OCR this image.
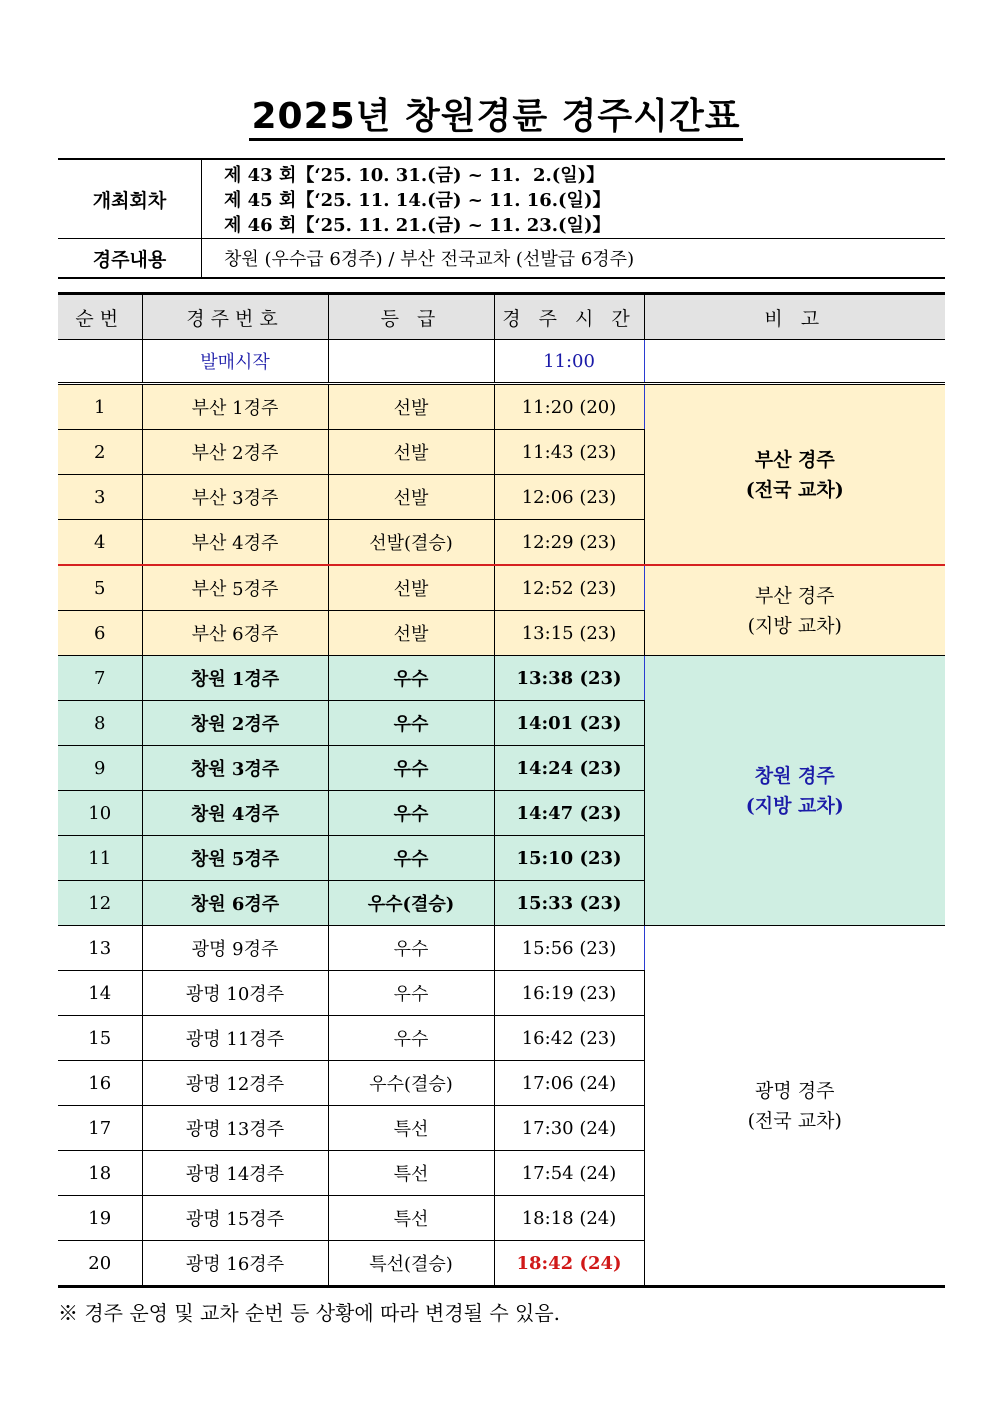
2025년 창원경륜 경주시간표
개최회차	제 43 회【‘25. 10. 31.(금) ~ 11.  2.(일)】
제 45 회【‘25. 11. 14.(금) ~ 11. 16.(일)】
제 46 회【‘25. 11. 21.(금) ~ 11. 23.(일)】

경주내용	창원 (우수급 6경주) / 부산 전국교차 (선발급 6경주)
순번	경주번호	등 급	경 주 시 간	비 고
	발매시작		11:00	
1	부산 1경주	선발	11:20 (20)	부산 경주
(전국 교차)

2	부산 2경주	선발	11:43 (23)	
3	부산 3경주	선발	12:06 (23)	
4	부산 4경주	선발(결승)	12:29 (23)	
5	부산 5경주	선발	12:52 (23)	부산 경주
(지방 교차)

6	부산 6경주	선발	13:15 (23)	
7	창원 1경주	우수	13:38 (23)	창원 경주
(지방 교차)

8	창원 2경주	우수	14:01 (23)	
9	창원 3경주	우수	14:24 (23)	
10	창원 4경주	우수	14:47 (23)	
11	창원 5경주	우수	15:10 (23)	
12	창원 6경주	우수(결승)	15:33 (23)	
13	광명 9경주	우수	15:56 (23)	광명 경주
(전국 교차)

14	광명 10경주	우수	16:19 (23)	
15	광명 11경주	우수	16:42 (23)	
16	광명 12경주	우수(결승)	17:06 (24)	
17	광명 13경주	특선	17:30 (24)	
18	광명 14경주	특선	17:54 (24)	
19	광명 15경주	특선	18:18 (24)	
20	광명 16경주	특선(결승)	18:42 (24)	
※ 경주 운영 및 교차 순번 등 상황에 따라 변경될 수 있음.
